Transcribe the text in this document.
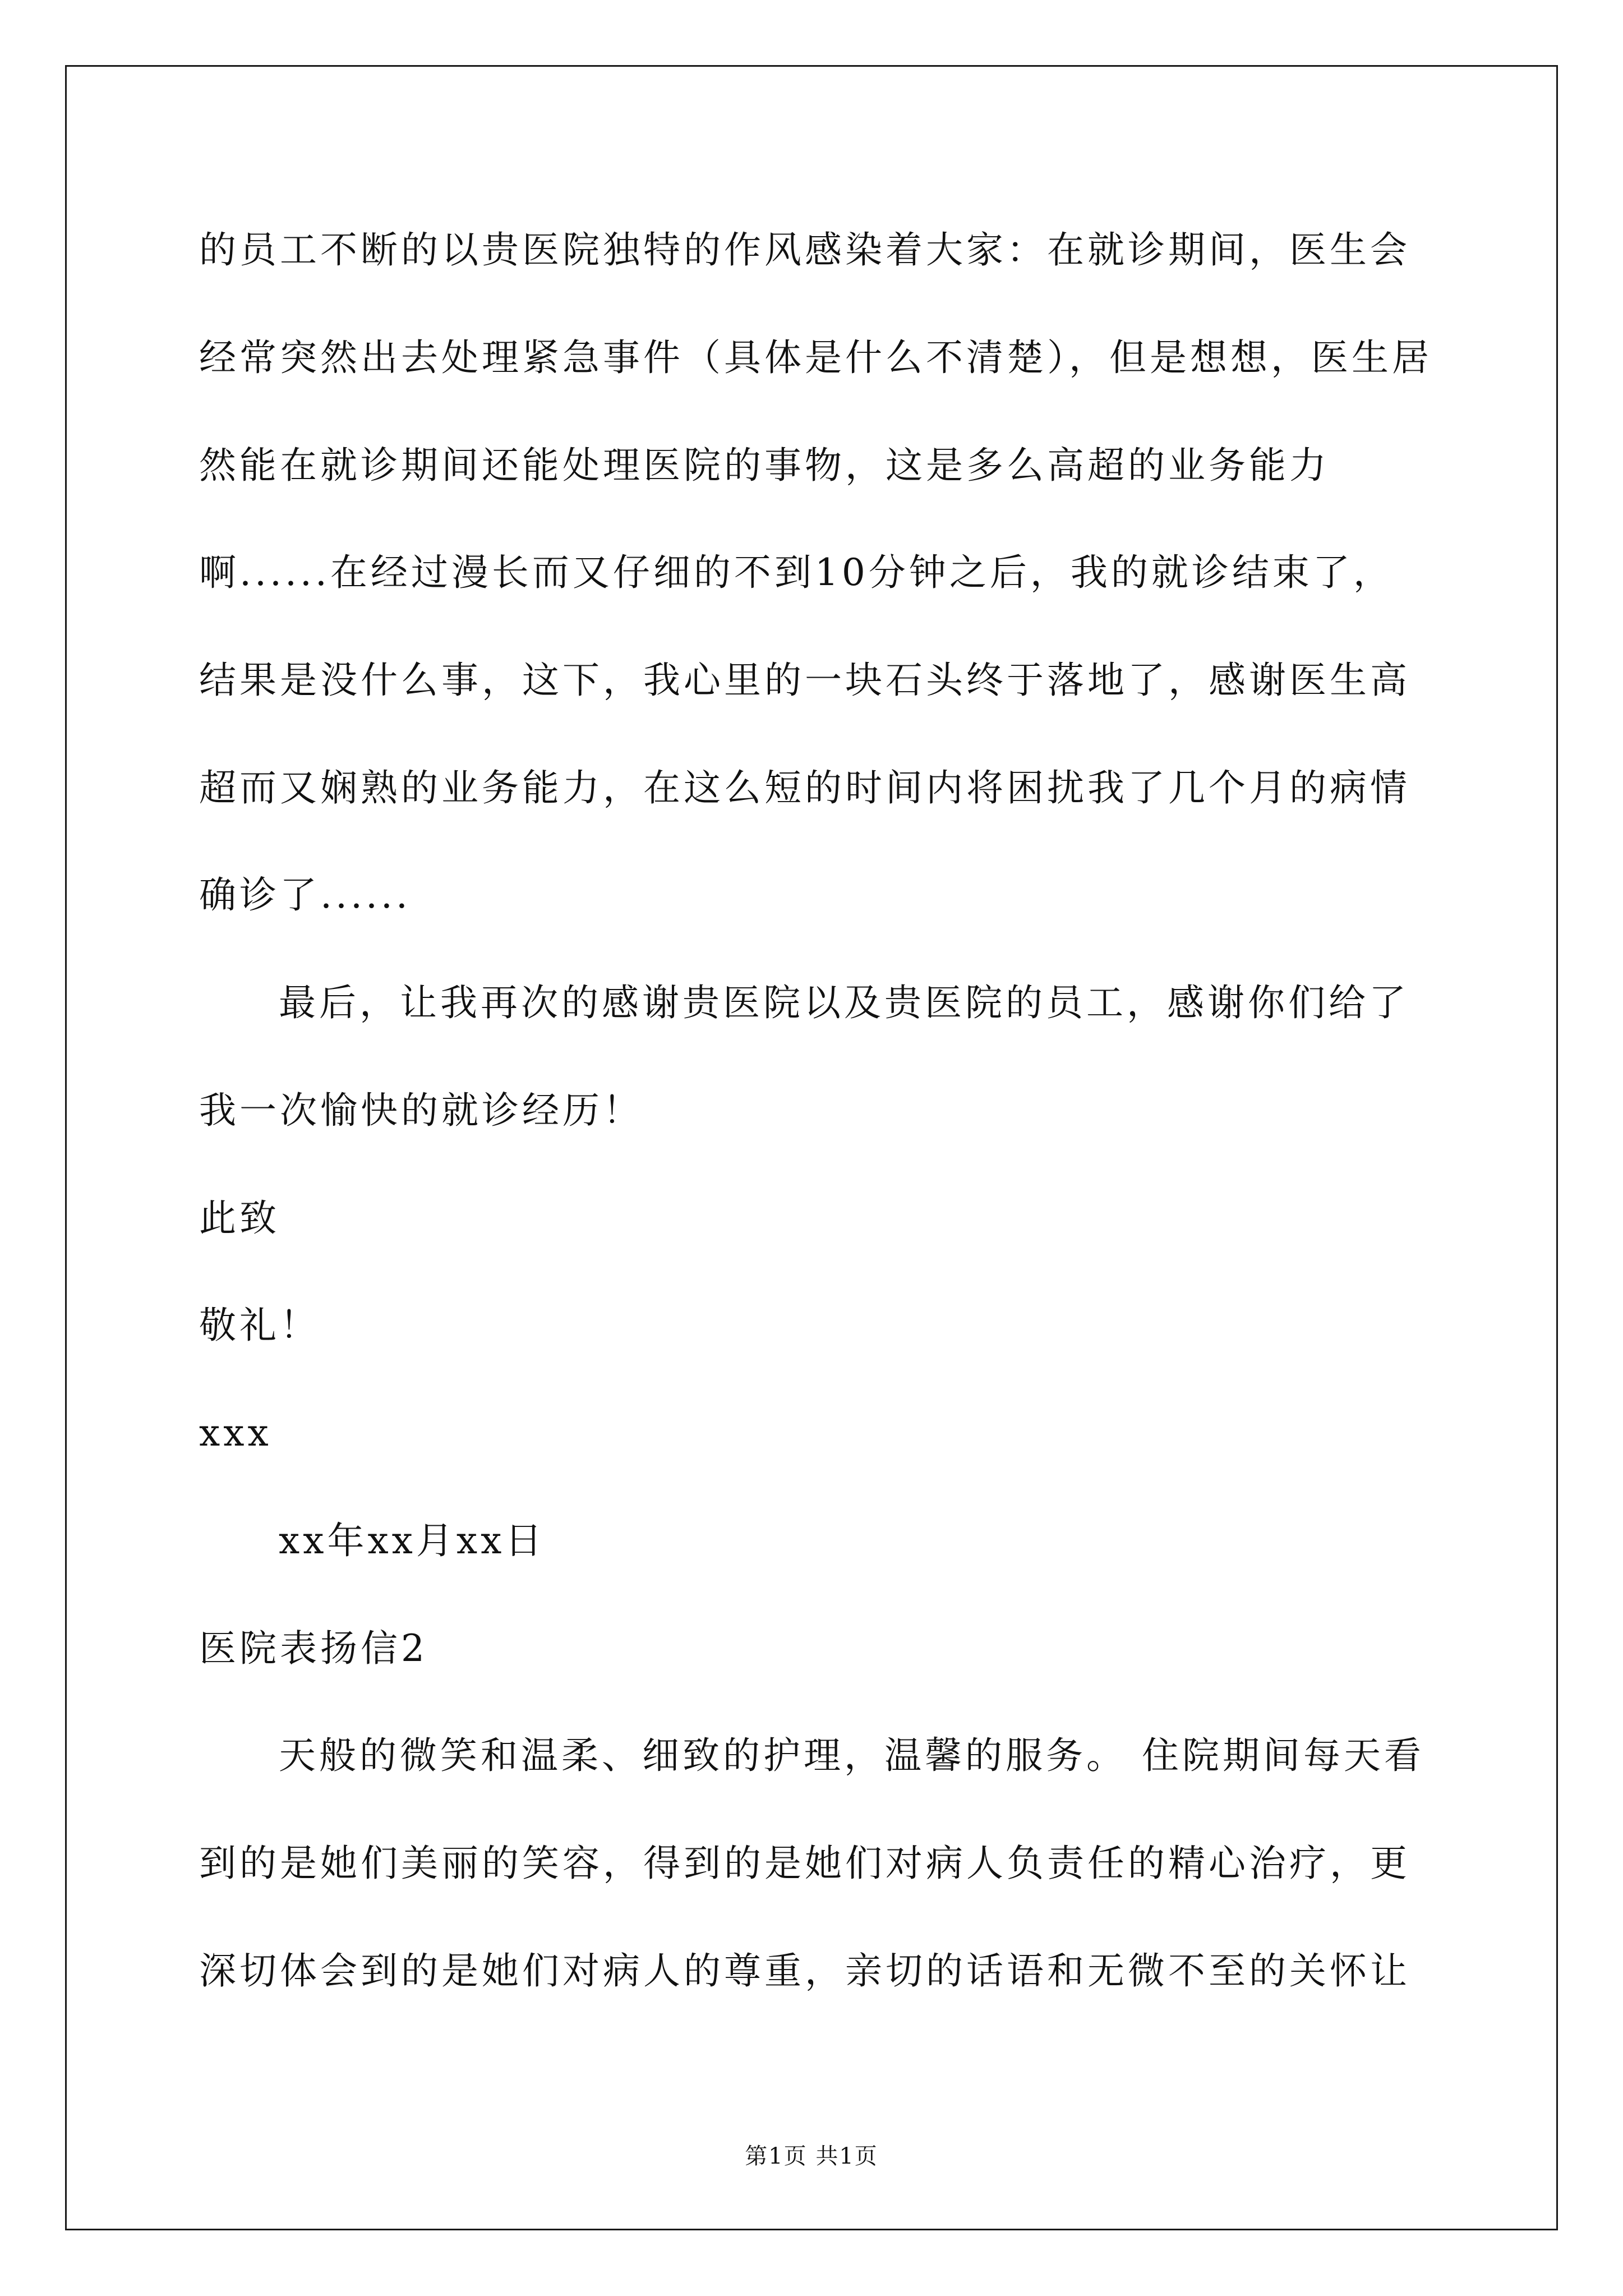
的员工不断的以贵医院独特的作风感染着大家：在就诊期间，医生会
经常突然出去处理紧急事件（具体是什么不清楚），但是想想，医生居
然能在就诊期间还能处理医院的事物，这是多么高超的业务能力
啊......在经过漫长而又仔细的不到10分钟之后，我的就诊结束了，
结果是没什么事，这下，我心里的一块石头终于落地了，感谢医生高
超而又娴熟的业务能力，在这么短的时间内将困扰我了几个月的病情
确诊了......
最后，让我再次的感谢贵医院以及贵医院的员工，感谢你们给了
我一次愉快的就诊经历！
此致
敬礼！
xxx
xx年xx月xx日
医院表扬信2
天般的微笑和温柔、细致的护理，温馨的服务。 住院期间每天看
到的是她们美丽的笑容，得到的是她们对病人负责任的精心治疗，更
深切体会到的是她们对病人的尊重，亲切的话语和无微不至的关怀让
第1页 共1页
